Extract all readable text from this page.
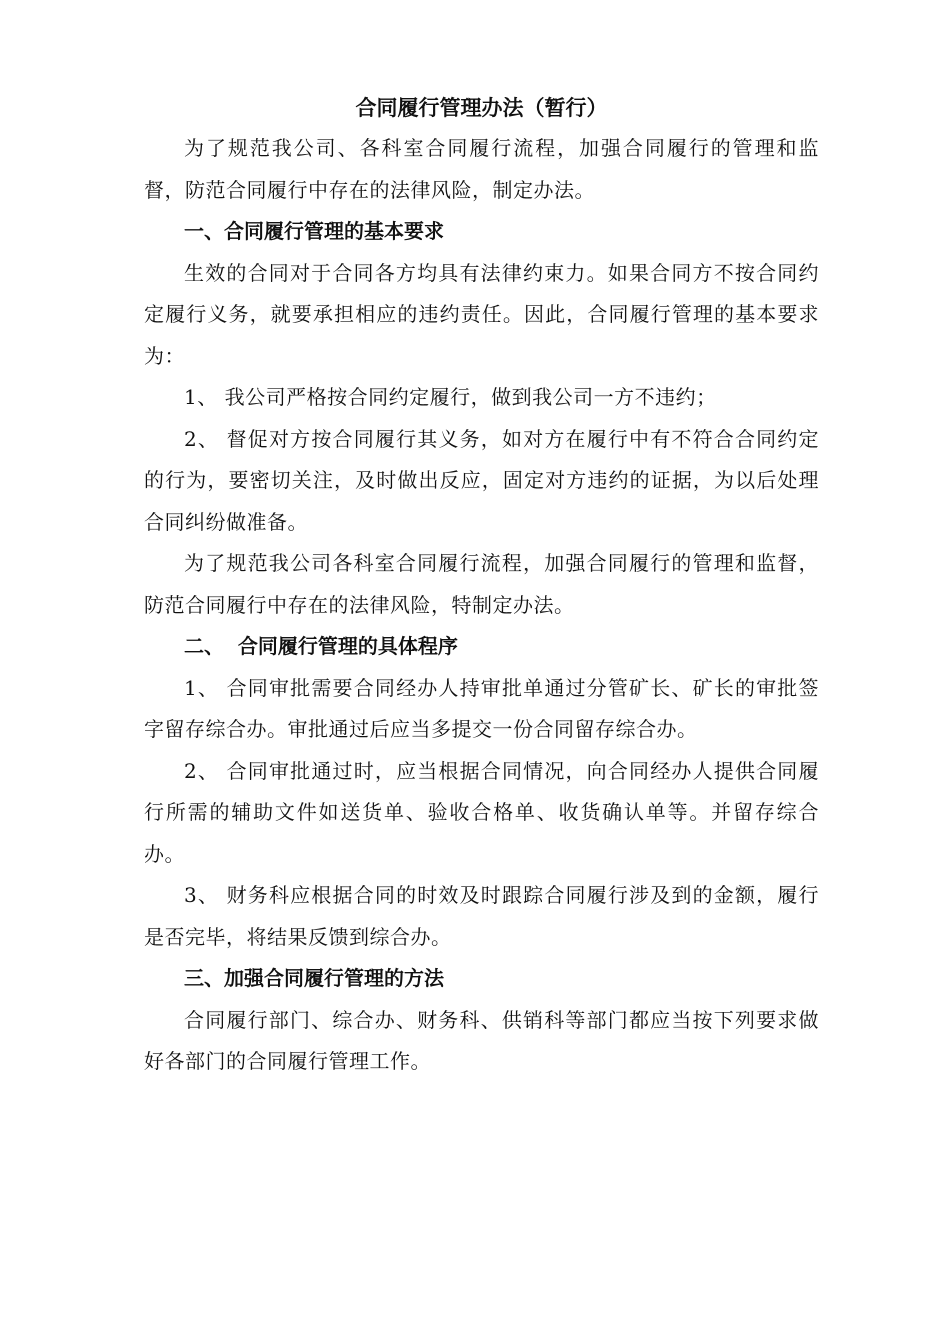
合同履行管理办法（暂行）

为了规范我公司、各科室合同履行流程，加强合同履行的管理和监督，防范合同履行中存在的法律风险，制定办法。

一、合同履行管理的基本要求

生效的合同对于合同各方均具有法律约束力。如果合同方不按合同约定履行义务，就要承担相应的违约责任。因此，合同履行管理的基本要求为：

1、 我公司严格按合同约定履行，做到我公司一方不违约；

2、 督促对方按合同履行其义务，如对方在履行中有不符合合同约定的行为，要密切关注，及时做出反应，固定对方违约的证据，为以后处理合同纠纷做准备。

为了规范我公司各科室合同履行流程，加强合同履行的管理和监督，防范合同履行中存在的法律风险，特制定办法。

二、  合同履行管理的具体程序

1、 合同审批需要合同经办人持审批单通过分管矿长、矿长的审批签字留存综合办。审批通过后应当多提交一份合同留存综合办。

2、 合同审批通过时，应当根据合同情况，向合同经办人提供合同履行所需的辅助文件如送货单、验收合格单、收货确认单等。并留存综合办。

3、 财务科应根据合同的时效及时跟踪合同履行涉及到的金额，履行是否完毕，将结果反馈到综合办。

三、加强合同履行管理的方法

合同履行部门、综合办、财务科、供销科等部门都应当按下列要求做好各部门的合同履行管理工作。
